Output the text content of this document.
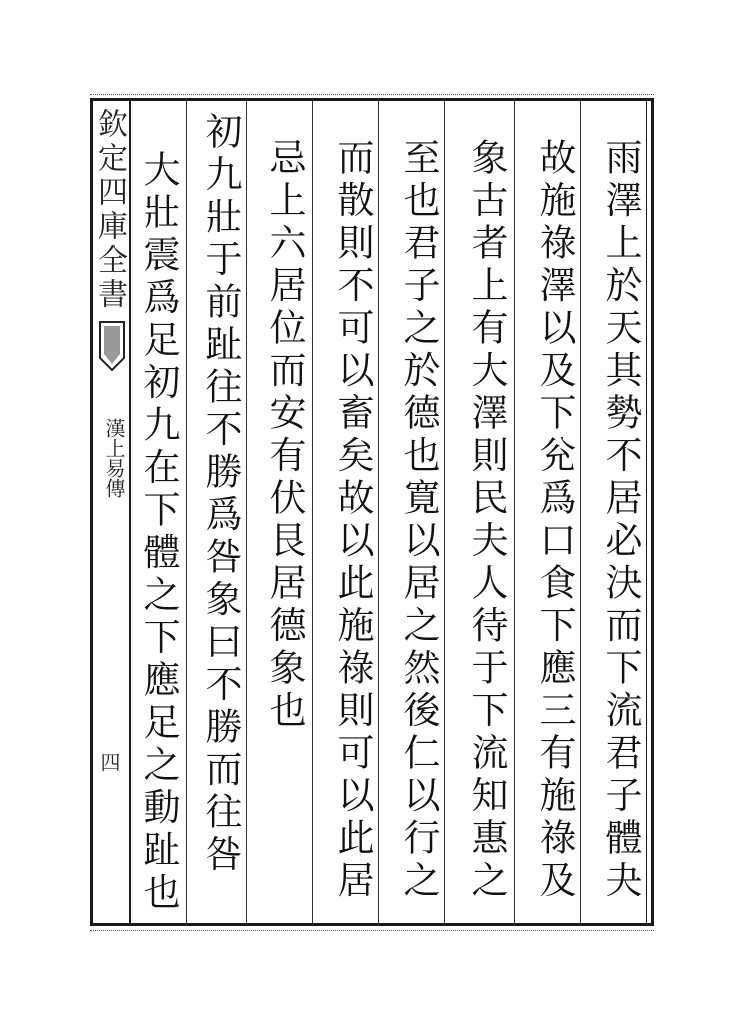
欽定四庫全書
漢上易傳
四
雨澤上於天其勢不居必決而下流君子體夬
故施祿澤以及下兊爲口食下應三有施祿及
象古者上有大澤則民夫人待于下流知惠之
至也君子之於德也寛以居之然後仁以行之
而散則不可以畜矣故以此施祿則可以此居
忌上六居位而安有伏艮居德象也
初九壯于前趾往不勝爲咎象曰不勝而往咎
大壯震爲足初九在下體之下應足之動趾也
